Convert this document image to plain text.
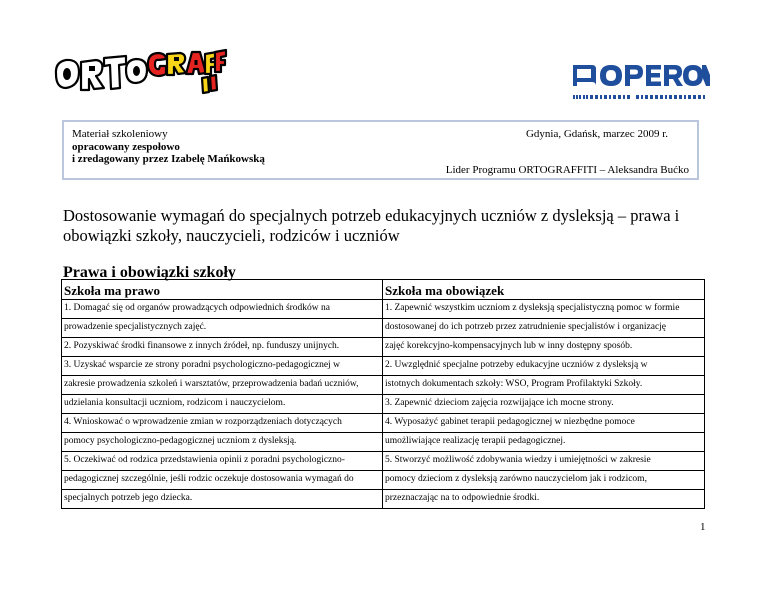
Materiał szkoleniowy
opracowany zespołowo
i zredagowany przez Izabelę Mańkowską
Gdynia, Gdańsk, marzec 2009 r.
Lider Programu ORTOGRAFFITI – Aleksandra Bućko
Dostosowanie wymagań do specjalnych potrzeb edukacyjnych uczniów z dysleksją – prawa i obowiązki szkoły, nauczycieli, rodziców i uczniów
Prawa i obowiązki szkoły
Szkoła ma prawo	Szkoła ma obowiązek
1. Domagać się od organów prowadzących odpowiednich środków na	1. Zapewnić wszystkim uczniom z dysleksją specjalistyczną pomoc w formie
prowadzenie specjalistycznych zajęć.	dostosowanej do ich potrzeb przez zatrudnienie specjalistów i organizację
2. Pozyskiwać środki finansowe z innych źródeł, np. funduszy unijnych.	zajęć korekcyjno-kompensacyjnych lub w inny dostępny sposób.
3. Uzyskać wsparcie ze strony poradni psychologiczno-pedagogicznej w	2. Uwzględnić specjalne potrzeby edukacyjne uczniów z dysleksją w
zakresie prowadzenia szkoleń i warsztatów, przeprowadzenia badań uczniów,	istotnych dokumentach szkoły: WSO, Program Profilaktyki Szkoły.
udzielania konsultacji uczniom, rodzicom i nauczycielom.	3. Zapewnić dzieciom zajęcia rozwijające ich mocne strony.
4. Wnioskować o wprowadzenie zmian w rozporządzeniach dotyczących	4. Wyposażyć gabinet terapii pedagogicznej w niezbędne pomoce
pomocy psychologiczno-pedagogicznej uczniom z dysleksją.	umożliwiające realizację terapii pedagogicznej.
5. Oczekiwać od rodzica przedstawienia opinii z poradni psychologiczno-	5. Stworzyć możliwość zdobywania wiedzy i umiejętności w zakresie
pedagogicznej szczególnie, jeśli rodzic oczekuje dostosowania wymagań do	pomocy dzieciom z dysleksją zarówno nauczycielom jak i rodzicom,
specjalnych potrzeb jego dziecka.	przeznaczając na to odpowiednie środki.
1
